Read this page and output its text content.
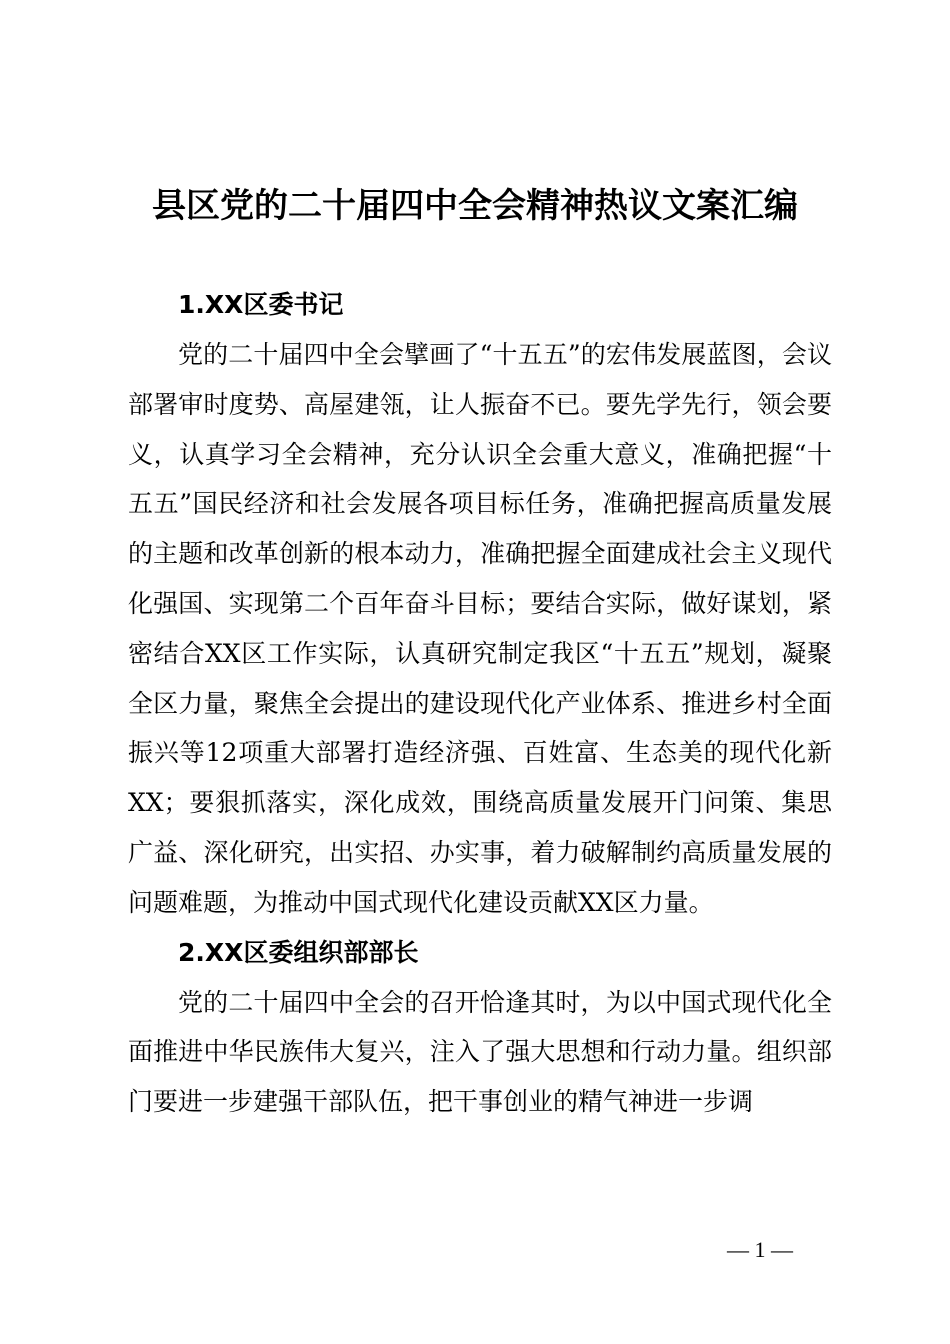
县区党的二十届四中全会精神热议文案汇编
1.XX区委书记

党的二十届四中全会擘画了“十五五”的宏伟发展蓝图，会议部署审时度势、高屋建瓴，让人振奋不已。要先学先行，领会要义，认真学习全会精神，充分认识全会重大意义，准确把握“十五五”国民经济和社会发展各项目标任务，准确把握高质量发展的主题和改革创新的根本动力，准确把握全面建成社会主义现代化强国、实现第二个百年奋斗目标；要结合实际，做好谋划，紧密结合XX区工作实际，认真研究制定我区“十五五”规划，凝聚全区力量，聚焦全会提出的建设现代化产业体系、推进乡村全面振兴等12项重大部署打造经济强、百姓富、生态美的现代化新XX；要狠抓落实，深化成效，围绕高质量发展开门问策、集思广益、深化研究，出实招、办实事，着力破解制约高质量发展的问题难题，为推动中国式现代化建设贡献XX区力量。

2.XX区委组织部部长

党的二十届四中全会的召开恰逢其时，为以中国式现代化全面推进中华民族伟大复兴，注入了强大思想和行动力量。组织部门要进一步建强干部队伍，把干事创业的精气神进一步调

— 1 —
